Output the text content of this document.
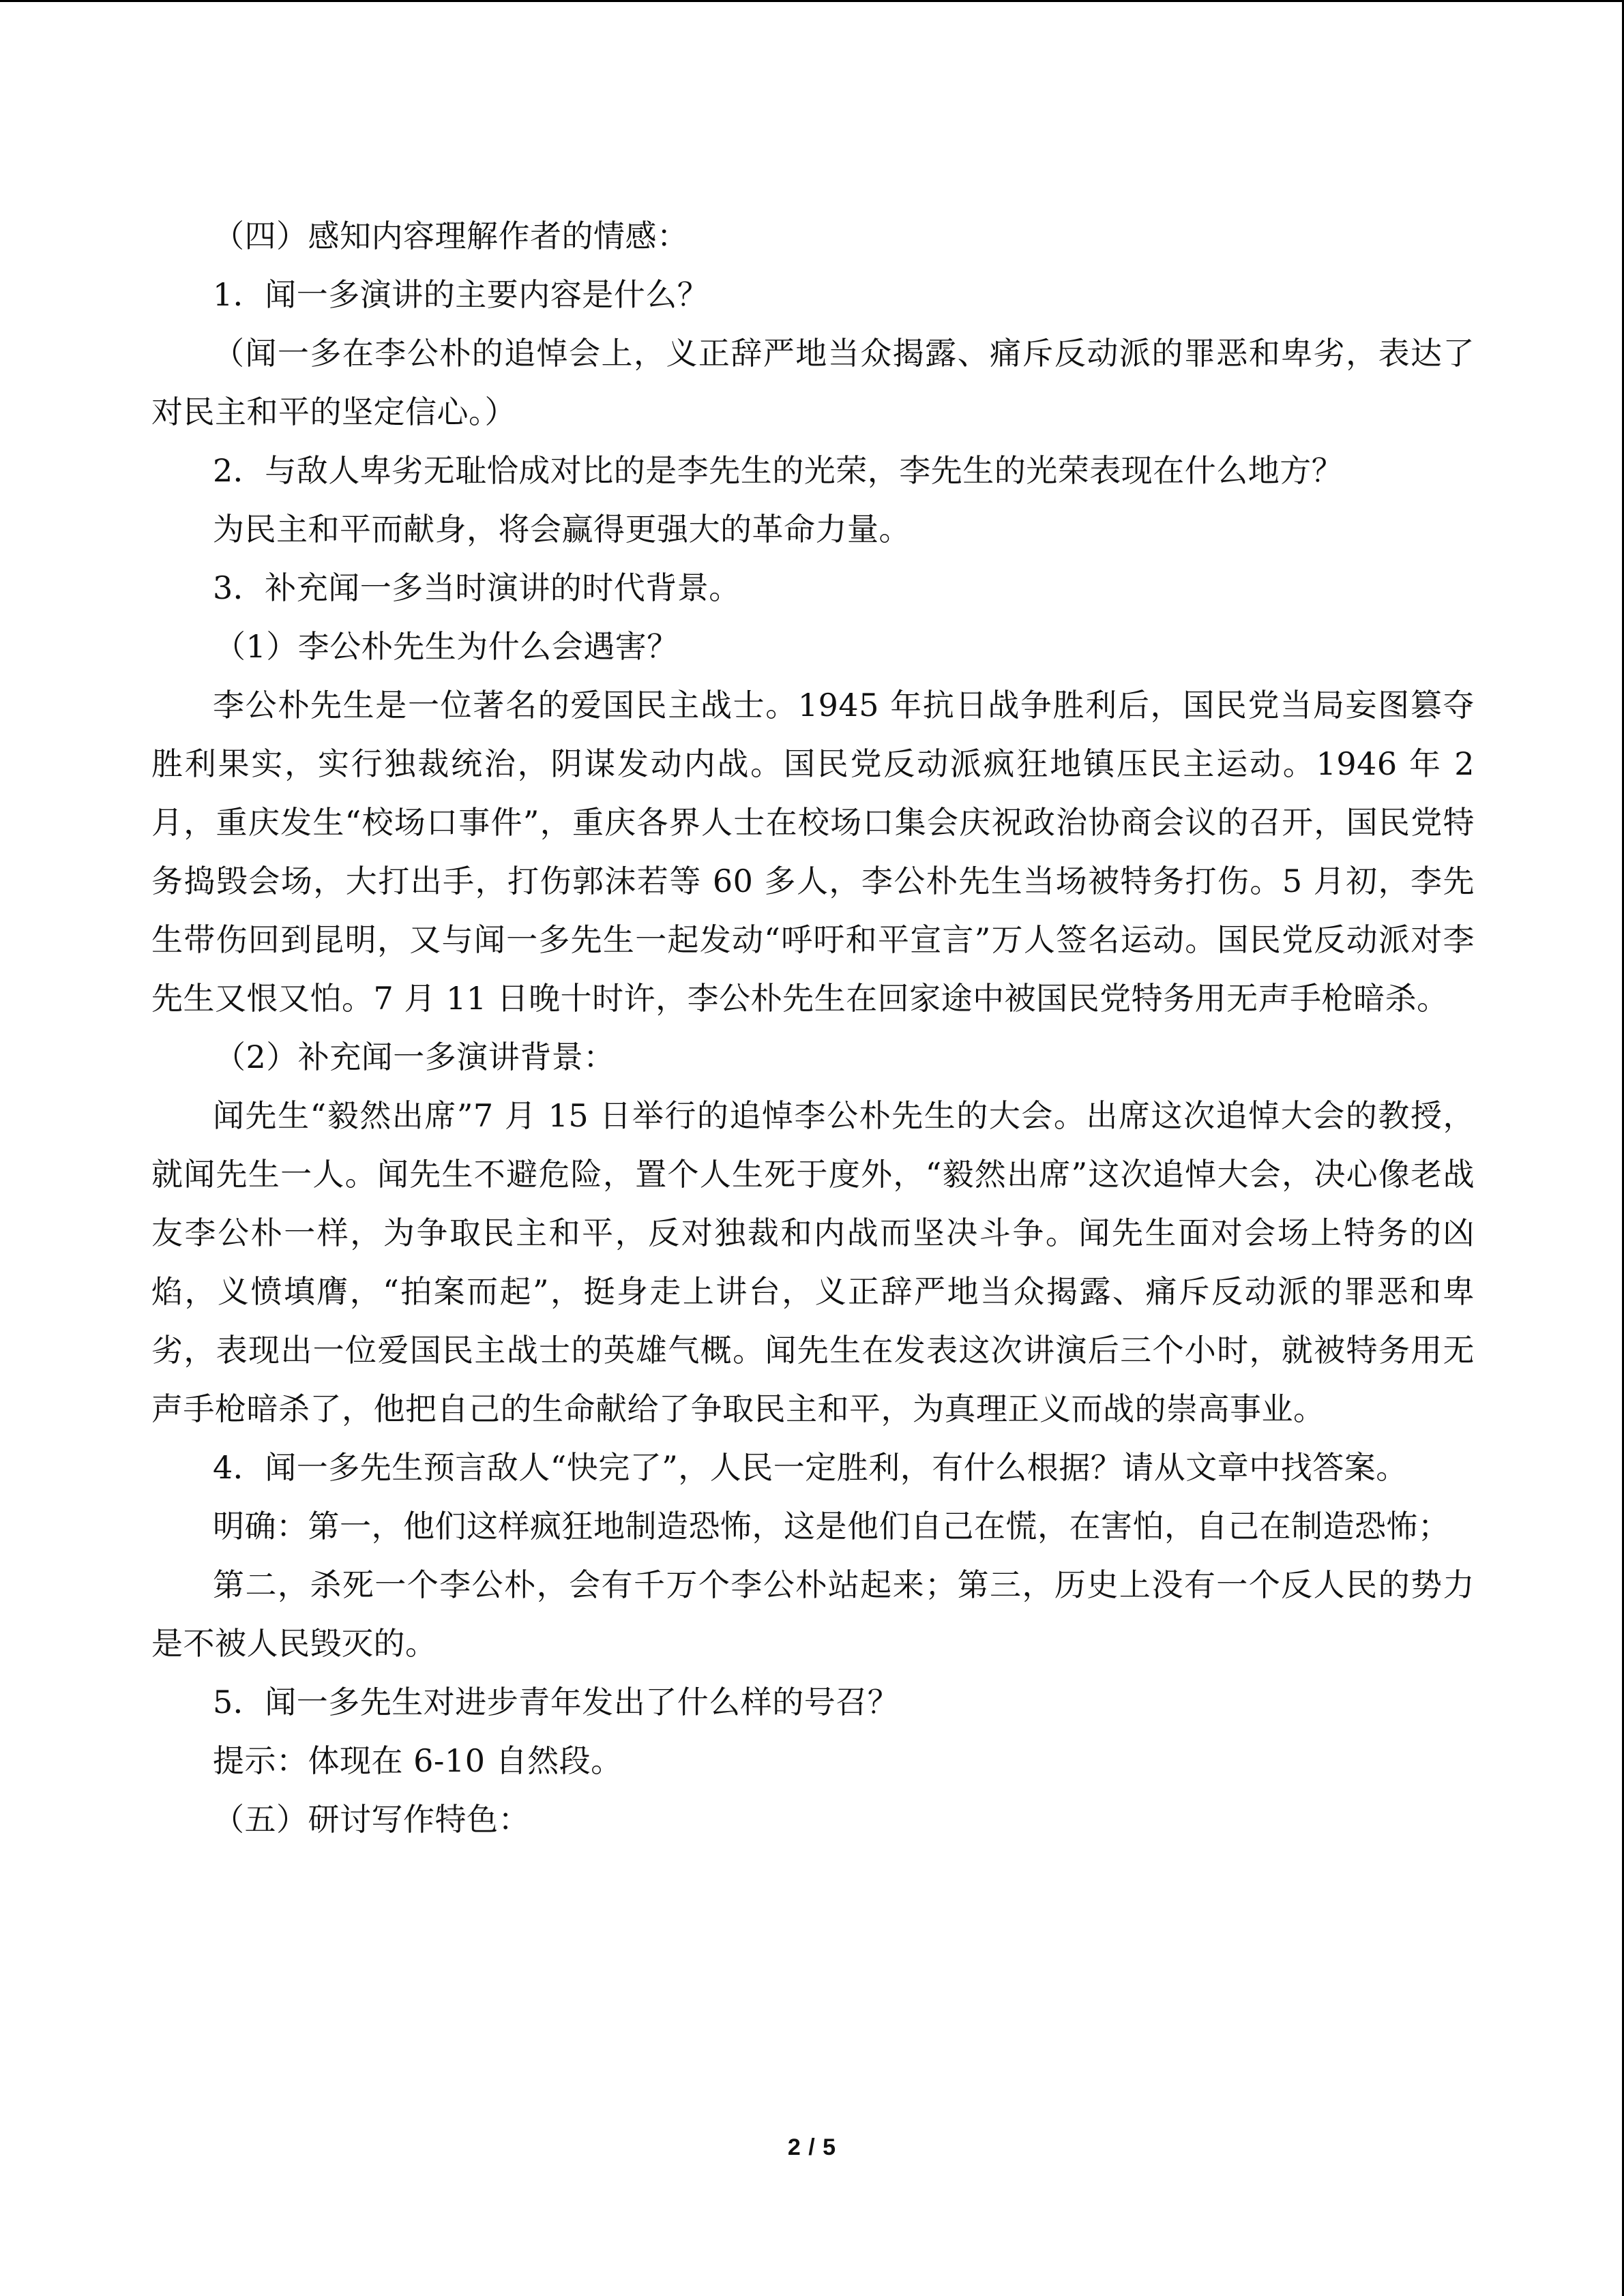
（四）感知内容理解作者的情感：

1．闻一多演讲的主要内容是什么？

（闻一多在李公朴的追悼会上，义正辞严地当众揭露、痛斥反动派的罪恶和卑劣，表达了对民主和平的坚定信心。）

2．与敌人卑劣无耻恰成对比的是李先生的光荣，李先生的光荣表现在什么地方？

为民主和平而献身，将会赢得更强大的革命力量。

3．补充闻一多当时演讲的时代背景。

（1）李公朴先生为什么会遇害？

李公朴先生是一位著名的爱国民主战士。1945 年抗日战争胜利后，国民党当局妄图篡夺胜利果实，实行独裁统治，阴谋发动内战。国民党反动派疯狂地镇压民主运动。1946 年 2 月，重庆发生“校场口事件”，重庆各界人士在校场口集会庆祝政治协商会议的召开，国民党特务捣毁会场，大打出手，打伤郭沫若等 60 多人，李公朴先生当场被特务打伤。5 月初，李先生带伤回到昆明，又与闻一多先生一起发动“呼吁和平宣言”万人签名运动。国民党反动派对李先生又恨又怕。7 月 11 日晚十时许，李公朴先生在回家途中被国民党特务用无声手枪暗杀。

（2）补充闻一多演讲背景：

闻先生“毅然出席”7 月 15 日举行的追悼李公朴先生的大会。出席这次追悼大会的教授，就闻先生一人。闻先生不避危险，置个人生死于度外，“毅然出席”这次追悼大会，决心像老战友李公朴一样，为争取民主和平，反对独裁和内战而坚决斗争。闻先生面对会场上特务的凶焰，义愤填膺，“拍案而起”，挺身走上讲台，义正辞严地当众揭露、痛斥反动派的罪恶和卑劣，表现出一位爱国民主战士的英雄气概。闻先生在发表这次讲演后三个小时，就被特务用无声手枪暗杀了，他把自己的生命献给了争取民主和平，为真理正义而战的崇高事业。

4．闻一多先生预言敌人“快完了”，人民一定胜利，有什么根据？请从文章中找答案。

明确：第一，他们这样疯狂地制造恐怖，这是他们自己在慌，在害怕，自己在制造恐怖；

第二，杀死一个李公朴，会有千万个李公朴站起来；第三，历史上没有一个反人民的势力是不被人民毁灭的。

5．闻一多先生对进步青年发出了什么样的号召？

提示：体现在 6-10 自然段。

（五）研讨写作特色：

2 / 5
